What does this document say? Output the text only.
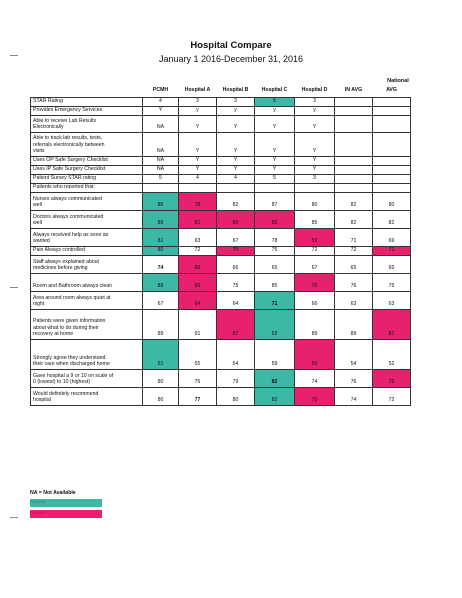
Hospital Compare
January 1 2016-December 31, 2016
National
	PCMH	Hospital A	Hospital B	Hospital C	Hospital D	IN AVG	AVG

STAR Rating	4	3	3	5	3		

Provides Emergency Services	Y	y	y	y	y		

Able to receive Lab Results
Electronically	NA	Y	Y	Y	Y		

Able to track lab results, tests,
referrals electronically between
visits	NA	Y	Y	Y	Y		

Uses OP Safe Surgery Checklist	NA	Y	Y	Y	Y		

Uses IP Safe Surgery Checklist	NA	Y	Y	Y	Y		

Patient Survey STAR rating	5	4	4	5	3		

Patients who reported that:							

Nurses always communicated
well	85	78	82	87	80	82	80

Doctors always communicated
well	89	81	80	82	85	82	82

Always received help as soon as
wanted	81	63	67	78	59	71	69

Pain Always controlled	80	72	70	75	72	72	71

Staff always explained about
medicines before giving	74	69	66	65	67	65	65

Room and Bathroom always clean	89	69	75	85	70	76	75

Area around room always quiet at
night	67	64	64	71	66	63	63

Patients were given information
about what to do during their
recovery at home	89	91	87	92	89	89	87

Strongly agree they understand
their care when discharged home	61	55	54	59	50	54	52

Gave hospital a 9 or 10 on scale of
0 (lowest) to 10 (highest)	80	76	79	82	74	76	73

Would definitely recommend
hospital	80	77	80	82	75	74	72
NA = Not Available
Highest
Lowest
